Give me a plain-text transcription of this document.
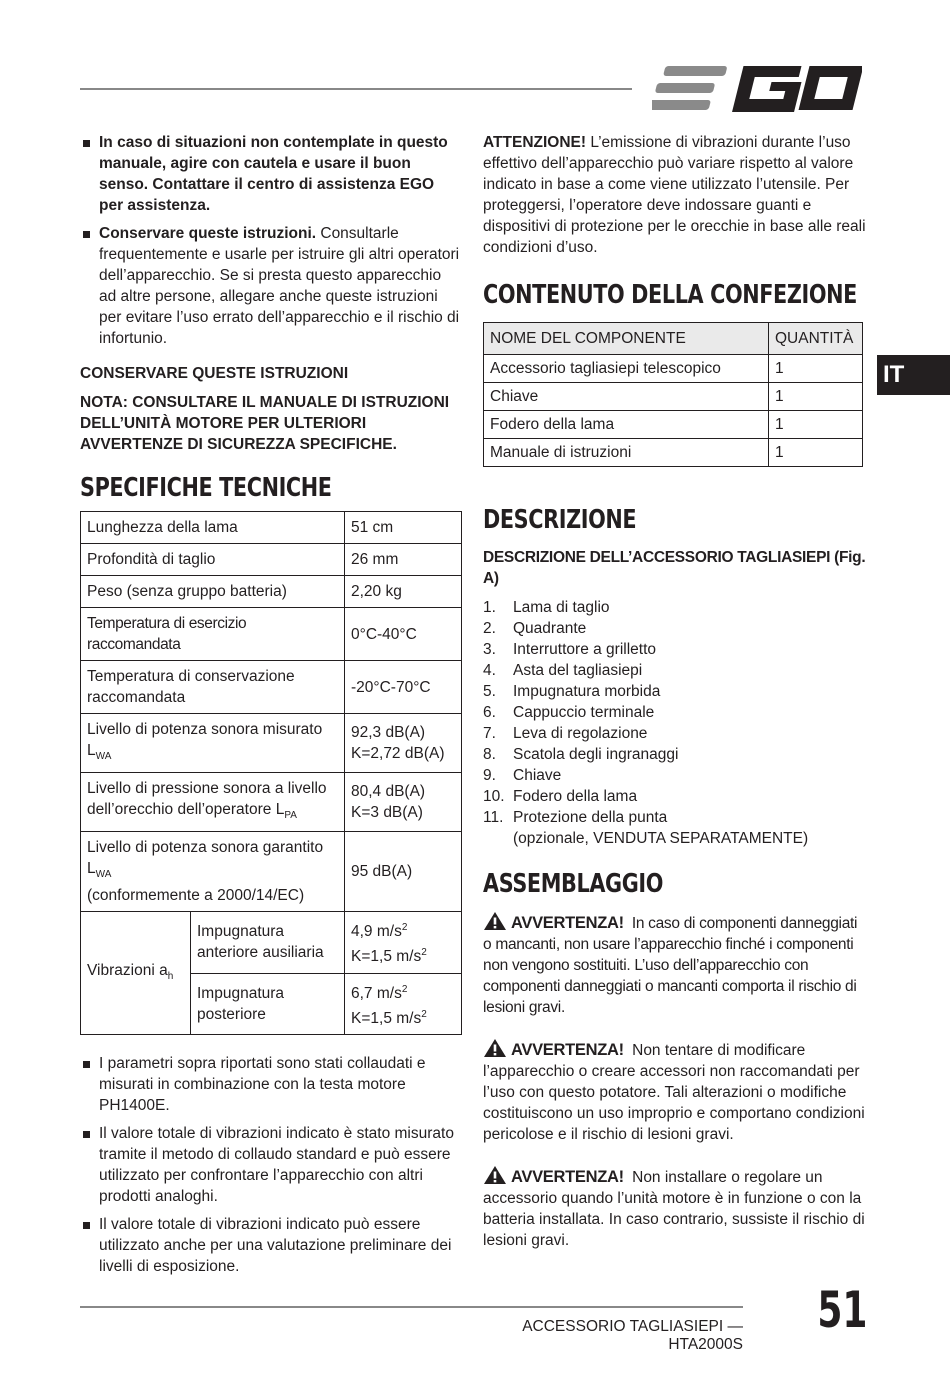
IT
In caso di situazioni non contemplate in questo manuale, agire con cautela e usare il buon senso. Contattare il centro di assistenza EGO per assistenza.
Conservare queste istruzioni. Consultarle frequentemente e usarle per istruire gli altri operatori dell’apparecchio. Se si presta questo apparecchio ad altre persone, allegare anche queste istruzioni per evitare l’uso errato dell’apparecchio e il rischio di infortunio.
CONSERVARE QUESTE ISTRUZIONI
NOTA: CONSULTARE IL MANUALE DI ISTRUZIONI DELL’UNITÀ MOTORE PER ULTERIORI AVVERTENZE DI SICUREZZA SPECIFICHE.
SPECIFICHE TECNICHE
Lunghezza della lama		51 cm
Profondità di taglio		26 mm
Peso (senza gruppo batteria)		2,20 kg
Temperatura di esercizio raccomandata		0°C-40°C
Temperatura di conservazione raccomandata		-20°C-70°C
Livello di potenza sonora misurato $L_{WA}$		92,3 dB(A)
K=2,72 dB(A)

Livello di pressione sonora a livello dell’orecchio dell’operatore $L_{PA}$		80,4 dB(A)
K=3 dB(A)

Livello di potenza sonora garantito $L_{WA}$
(conformemente a 2000/14/EC)		95 dB(A)
Vibrazioni $a_h$	Impugnatura anteriore ausiliaria	4,9 $m/s^2$
K=1,5 $m/s^2$

	Impugnatura posteriore	6,7 $m/s^2$
K=1,5 $m/s^2$
I parametri sopra riportati sono stati collaudati e misurati in combinazione con la testa motore PH1400E.
Il valore totale di vibrazioni indicato è stato misurato tramite il metodo di collaudo standard e può essere utilizzato per confrontare l’apparecchio con altri prodotti analoghi.
Il valore totale di vibrazioni indicato può essere utilizzato anche per una valutazione preliminare dei livelli di esposizione.
ATTENZIONE! L’emissione di vibrazioni durante l’uso effettivo dell’apparecchio può variare rispetto al valore indicato in base a come viene utilizzato l’utensile. Per proteggersi, l’operatore deve indossare guanti e dispositivi di protezione per le orecchie in base alle reali condizioni d’uso.
CONTENUTO DELLA CONFEZIONE
NOME DEL COMPONENTE	QUANTITÀ
Accessorio tagliasiepi telescopico	1
Chiave	1
Fodero della lama	1
Manuale di istruzioni	1
DESCRIZIONE
DESCRIZIONE DELL’ACCESSORIO TAGLIASIEPI (Fig. A)
1. Lama di taglio
2. Quadrante
3. Interruttore a grilletto
4. Asta del tagliasiepi
5. Impugnatura morbida
6. Cappuccio terminale
7. Leva di regolazione
8. Scatola degli ingranaggi
9. Chiave
10. Fodero della lama
11. Protezione della punta
(opzionale, VENDUTA SEPARATAMENTE)
ASSEMBLAGGIO
AVVERTENZA! In caso di componenti danneggiati o mancanti, non usare l’apparecchio finché i componenti non vengono sostituiti. L’uso dell’apparecchio con componenti danneggiati o mancanti comporta il rischio di lesioni gravi.
AVVERTENZA! Non tentare di modificare l’apparecchio o creare accessori non raccomandati per l’uso con questo potatore. Tali alterazioni o modifiche costituiscono un uso improprio e comportano condizioni pericolose e il rischio di lesioni gravi.
AVVERTENZA! Non installare o regolare un accessorio quando l’unità motore è in funzione o con la batteria installata. In caso contrario, sussiste il rischio di lesioni gravi.
ACCESSORIO TAGLIASIEPI — HTA2000S
51
